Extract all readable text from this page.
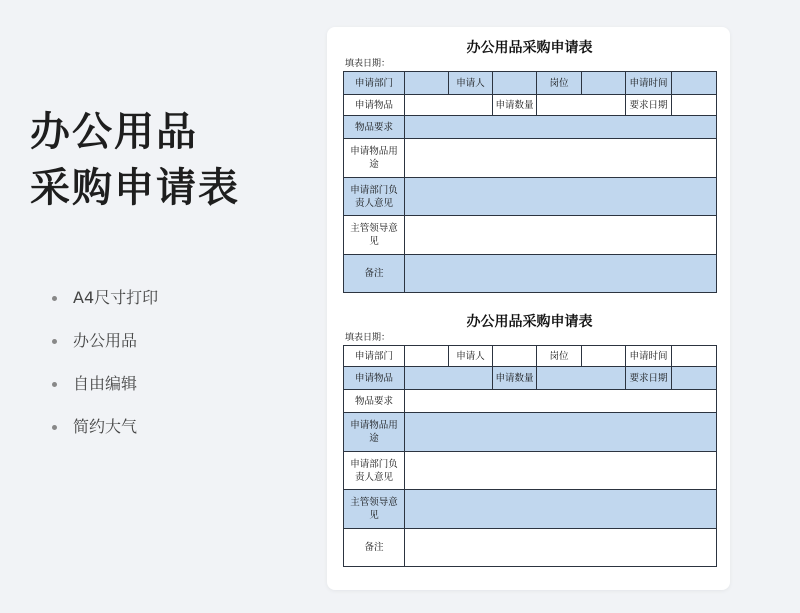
办公用品
采购申请表
A4尺寸打印
办公用品
自由编辑
简约大气
办公用品采购申请表
填表日期：
申请部门		申请人		岗位		申请时间	
申请物品			申请数量			要求日期	
物品要求							
申请物品用途							
申请部门负责人意见							
主管领导意见							
备注							
办公用品采购申请表
填表日期：
申请部门		申请人		岗位		申请时间	
申请物品			申请数量			要求日期	
物品要求							
申请物品用途							
申请部门负责人意见							
主管领导意见							
备注							
